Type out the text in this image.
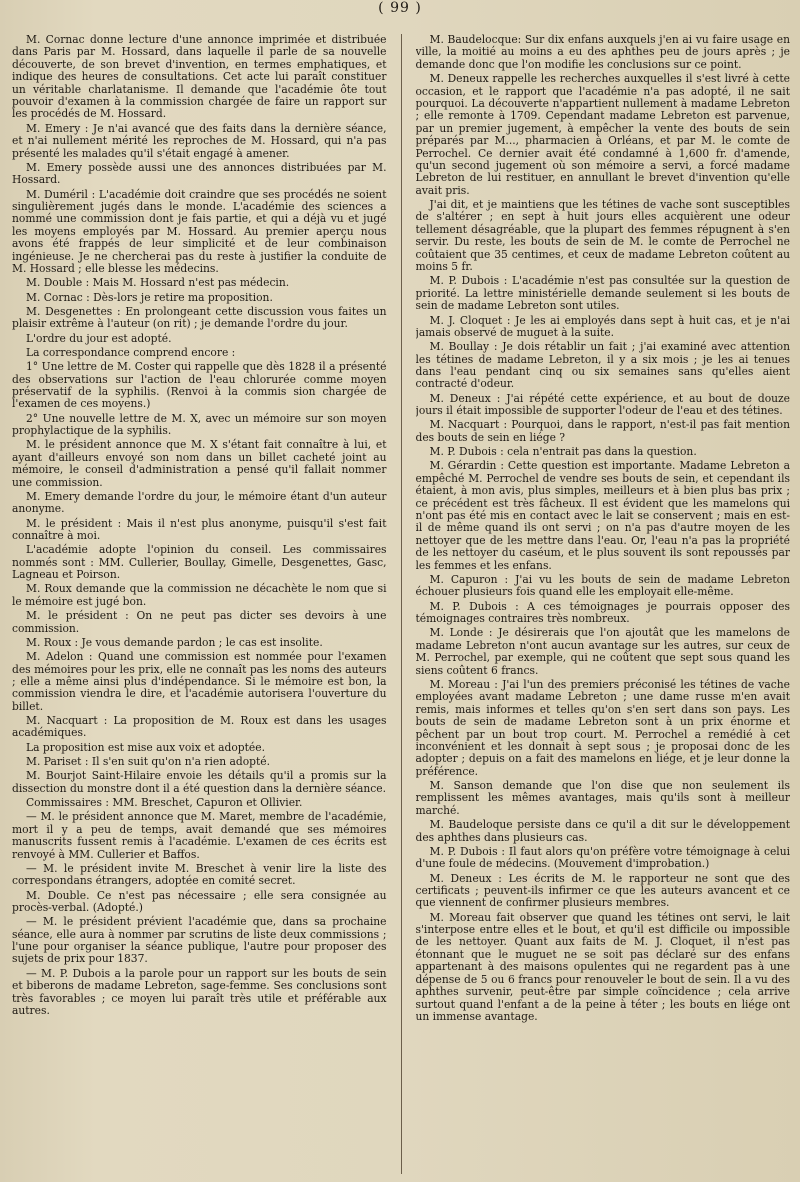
( 99 )

M. Cornac donne lecture d'une annonce imprimée et distribuée dans Paris par M. Hossard, dans laquelle il parle de sa nouvelle découverte, de son brevet d'invention, en termes emphatiques, et indique des heures de consultations. Cet acte lui paraît constituer un véritable charlatanisme. Il demande que l'académie ôte tout pouvoir d'examen à la commission chargée de faire un rapport sur les procédés de M. Hossard.

M. Emery : Je n'ai avancé que des faits dans la dernière séance, et n'ai nullement mérité les reproches de M. Hossard, qui n'a pas présenté les malades qu'il s'était engagé à amener.

M. Emery possède aussi une des annonces distribuées par M. Hossard.

M. Duméril : L'académie doit craindre que ses procédés ne soient singulièrement jugés dans le monde. L'académie des sciences a nommé une commission dont je fais partie, et qui a déjà vu et jugé les moyens employés par M. Hossard. Au premier aperçu nous avons été frappés de leur simplicité et de leur combinaison ingénieuse. Je ne chercherai pas du reste à justifier la conduite de M. Hossard ; elle blesse les médecins.

M. Double : Mais M. Hossard n'est pas médecin.

M. Cornac : Dès-lors je retire ma proposition.

M. Desgenettes : En prolongeant cette discussion vous faites un plaisir extrême à l'auteur (on rit) ; je demande l'ordre du jour.

L'ordre du jour est adopté.

La correspondance comprend encore :

1° Une lettre de M. Coster qui rappelle que dès 1828 il a présenté des observations sur l'action de l'eau chlorurée comme moyen préservatif de la syphilis. (Renvoi à la commis sion chargée de l'examen de ces moyens.)

2° Une nouvelle lettre de M. X, avec un mémoire sur son moyen prophylactique de la syphilis.

M. le président annonce que M. X s'étant fait connaître à lui, et ayant d'ailleurs envoyé son nom dans un billet cacheté joint au mémoire, le conseil d'administration a pensé qu'il fallait nommer une commission.

M. Emery demande l'ordre du jour, le mémoire étant d'un auteur anonyme.

M. le président : Mais il n'est plus anonyme, puisqu'il s'est fait connaître à moi.

L'académie adopte l'opinion du conseil. Les commissaires nommés sont : MM. Cullerier, Boullay, Gimelle, Desgenettes, Gasc, Lagneau et Poirson.

M. Roux demande que la commission ne décachète le nom que si le mémoire est jugé bon.

M. le président : On ne peut pas dicter ses devoirs à une commission.

M. Roux : Je vous demande pardon ; le cas est insolite.

M. Adelon : Quand une commission est nommée pour l'examen des mémoires pour les prix, elle ne connaît pas les noms des auteurs ; elle a même ainsi plus d'indépendance. Si le mémoire est bon, la commission viendra le dire, et l'académie autorisera l'ouverture du billet.

M. Nacquart : La proposition de M. Roux est dans les usages académiques.

La proposition est mise aux voix et adoptée.

M. Pariset : Il s'en suit qu'on n'a rien adopté.

M. Bourjot Saint-Hilaire envoie les détails qu'il a promis sur la dissection du monstre dont il a été question dans la dernière séance.

Commissaires : MM. Breschet, Capuron et Ollivier.

— M. le président annonce que M. Maret, membre de l'académie, mort il y a peu de temps, avait demandé que ses mémoires manuscrits fussent remis à l'académie. L'examen de ces écrits est renvoyé à MM. Cullerier et Baffos.

— M. le président invite M. Breschet à venir lire la liste des correspondans étrangers, adoptée en comité secret.

M. Double. Ce n'est pas nécessaire ; elle sera consignée au procès-verbal. (Adopté.)

— M. le président prévient l'académie que, dans sa prochaine séance, elle aura à nommer par scrutins de liste deux commissions ; l'une pour organiser la séance publique, l'autre pour proposer des sujets de prix pour 1837.

— M. P. Dubois a la parole pour un rapport sur les bouts de sein et biberons de madame Lebreton, sage-femme. Ses conclusions sont très favorables ; ce moyen lui paraît très utile et préférable aux autres.

M. Baudelocque: Sur dix enfans auxquels j'en ai vu faire usage en ville, la moitié au moins a eu des aphthes peu de jours après ; je demande donc que l'on modifie les conclusions sur ce point.

M. Deneux rappelle les recherches auxquelles il s'est livré à cette occasion, et le rapport que l'académie n'a pas adopté, il ne sait pourquoi. La découverte n'appartient nullement à madame Lebreton ; elle remonte à 1709. Cependant madame Lebreton est parvenue, par un premier jugement, à empêcher la vente des bouts de sein préparés par M..., pharmacien à Orléans, et par M. le comte de Perrochel. Ce dernier avait été condamné à 1,600 fr. d'amende, qu'un second jugement où son mémoire a servi, a forcé madame Lebreton de lui restituer, en annullant le brevet d'invention qu'elle avait pris.

J'ai dit, et je maintiens que les tétines de vache sont susceptibles de s'altérer ; en sept à huit jours elles acquièrent une odeur tellement désagréable, que la plupart des femmes répugnent à s'en servir. Du reste, les bouts de sein de M. le comte de Perrochel ne coûtaient que 35 centimes, et ceux de madame Lebreton coûtent au moins 5 fr.

M. P. Dubois : L'académie n'est pas consultée sur la question de priorité. La lettre ministérielle demande seulement si les bouts de sein de madame Lebreton sont utiles.

M. J. Cloquet : Je les ai employés dans sept à huit cas, et je n'ai jamais observé de muguet à la suite.

M. Boullay : Je dois rétablir un fait ; j'ai examiné avec attention les tétines de madame Lebreton, il y a six mois ; je les ai tenues dans l'eau pendant cinq ou six semaines sans qu'elles aient contracté d'odeur.

M. Deneux : J'ai répété cette expérience, et au bout de douze jours il était impossible de supporter l'odeur de l'eau et des tétines.

M. Nacquart : Pourquoi, dans le rapport, n'est-il pas fait mention des bouts de sein en liége ?

M. P. Dubois : cela n'entrait pas dans la question.

M. Gérardin : Cette question est importante. Madame Lebreton a empêché M. Perrochel de vendre ses bouts de sein, et cependant ils étaient, à mon avis, plus simples, meilleurs et à bien plus bas prix ; ce précédent est très fâcheux. Il est évident que les mamelons qui n'ont pas été mis en contact avec le lait se conservent ; mais en est-il de même quand ils ont servi ; on n'a pas d'autre moyen de les nettoyer que de les mettre dans l'eau. Or, l'eau n'a pas la propriété de les nettoyer du caséum, et le plus souvent ils sont repoussés par les femmes et les enfans.

M. Capuron : J'ai vu les bouts de sein de madame Lebreton échouer plusieurs fois quand elle les employait elle-même.

M. P. Dubois : A ces témoignages je pourrais opposer des témoignages contraires très nombreux.

M. Londe : Je désirerais que l'on ajoutât que les mamelons de madame Lebreton n'ont aucun avantage sur les autres, sur ceux de M. Perrochel, par exemple, qui ne coûtent que sept sous quand les siens coûtent 6 francs.

M. Moreau : J'ai l'un des premiers préconisé les tétines de vache employées avant madame Lebreton ; une dame russe m'en avait remis, mais informes et telles qu'on s'en sert dans son pays. Les bouts de sein de madame Lebreton sont à un prix énorme et pêchent par un bout trop court. M. Perrochel a remédié à cet inconvénient et les donnait à sept sous ; je proposai donc de les adopter ; depuis on a fait des mamelons en liége, et je leur donne la préférence.

M. Sanson demande que l'on dise que non seulement ils remplissent les mêmes avantages, mais qu'ils sont à meilleur marché.

M. Baudeloque persiste dans ce qu'il a dit sur le développement des aphthes dans plusieurs cas.

M. P. Dubois : Il faut alors qu'on préfère votre témoignage à celui d'une foule de médecins. (Mouvement d'improbation.)

M. Deneux : Les écrits de M. le rapporteur ne sont que des certificats ; peuvent-ils infirmer ce que les auteurs avancent et ce que viennent de confirmer plusieurs membres.

M. Moreau fait observer que quand les tétines ont servi, le lait s'interpose entre elles et le bout, et qu'il est difficile ou impossible de les nettoyer. Quant aux faits de M. J. Cloquet, il n'est pas étonnant que le muguet ne se soit pas déclaré sur des enfans appartenant à des maisons opulentes qui ne regardent pas à une dépense de 5 ou 6 francs pour renouveler le bout de sein. Il a vu des aphthes survenir, peut-être par simple coïncidence ; cela arrive surtout quand l'enfant a de la peine à téter ; les bouts en liége ont un immense avantage.
